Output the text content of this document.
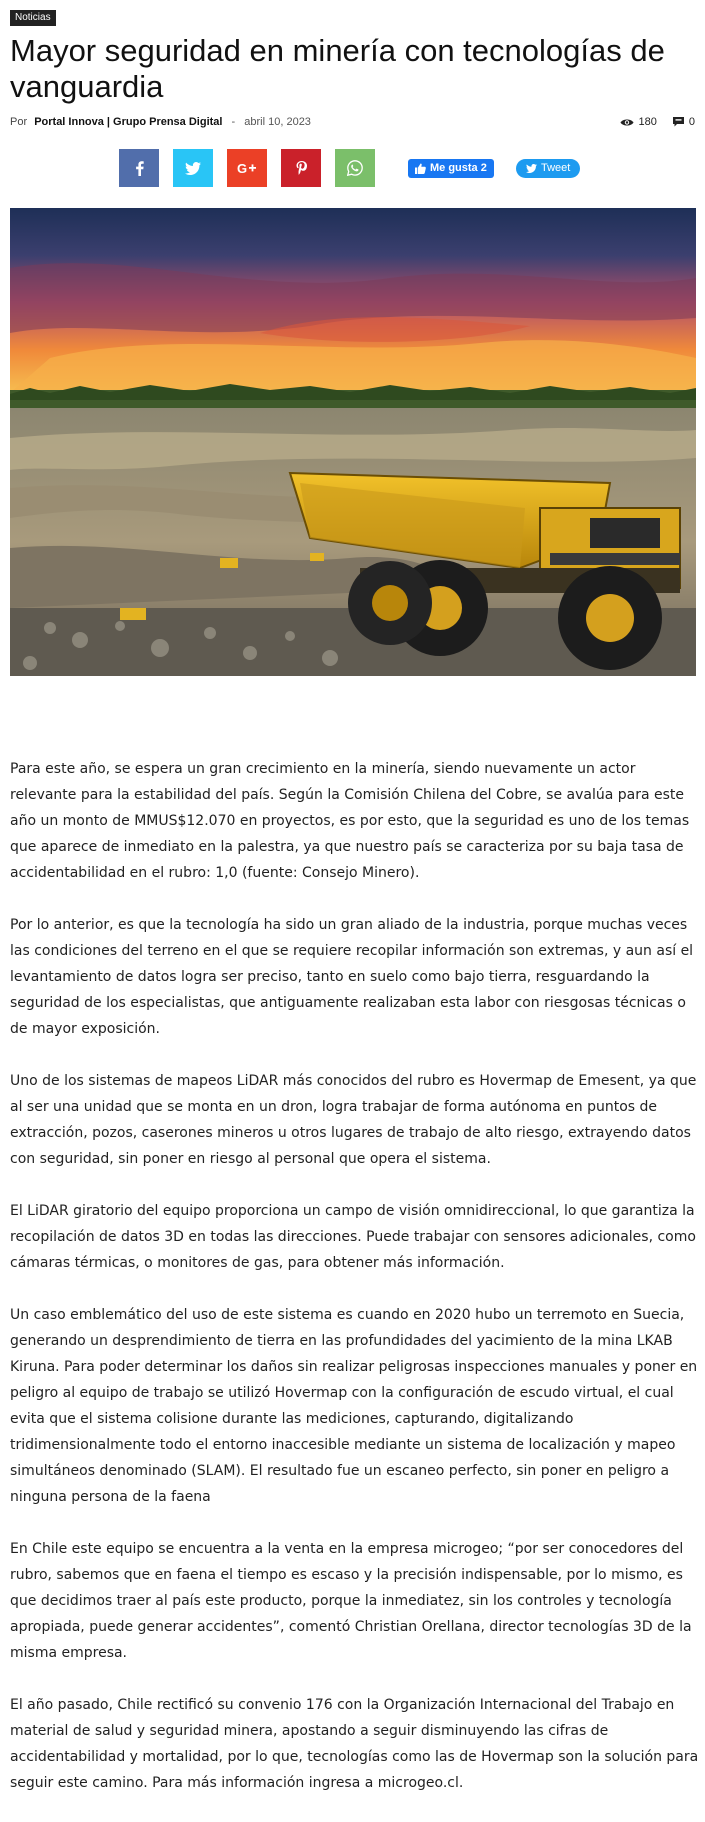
Noticias
Mayor seguridad en minería con tecnologías de vanguardia
Por Portal Innova | Grupo Prensa Digital - abril 10, 2023	180	0
G	Me gusta 2	Tweet

Para este año, se espera un gran crecimiento en la minería, siendo nuevamente un actor relevante para la estabilidad del país. Según la Comisión Chilena del Cobre, se avalúa para este año un monto de MMUS$12.070 en proyectos, es por esto, que la seguridad es uno de los temas que aparece de inmediato en la palestra, ya que nuestro país se caracteriza por su baja tasa de accidentabilidad en el rubro: 1,0 (fuente: Consejo Minero).

Por lo anterior, es que la tecnología ha sido un gran aliado de la industria, porque muchas veces las condiciones del terreno en el que se requiere recopilar información son extremas, y aun así el levantamiento de datos logra ser preciso, tanto en suelo como bajo tierra, resguardando la seguridad de los especialistas, que antiguamente realizaban esta labor con riesgosas técnicas o de mayor exposición.

Uno de los sistemas de mapeos LiDAR más conocidos del rubro es Hovermap de Emesent, ya que al ser una unidad que se monta en un dron, logra trabajar de forma autónoma en puntos de extracción, pozos, caserones mineros u otros lugares de trabajo de alto riesgo, extrayendo datos con seguridad, sin poner en riesgo al personal que opera el sistema.

El LiDAR giratorio del equipo proporciona un campo de visión omnidireccional, lo que garantiza la recopilación de datos 3D en todas las direcciones. Puede trabajar con sensores adicionales, como cámaras térmicas, o monitores de gas, para obtener más información.

Un caso emblemático del uso de este sistema es cuando en 2020 hubo un terremoto en Suecia, generando un desprendimiento de tierra en las profundidades del yacimiento de la mina LKAB Kiruna. Para poder determinar los daños sin realizar peligrosas inspecciones manuales y poner en peligro al equipo de trabajo se utilizó Hovermap con la configuración de escudo virtual, el cual evita que el sistema colisione durante las mediciones, capturando, digitalizando tridimensionalmente todo el entorno inaccesible mediante un sistema de localización y mapeo simultáneos denominado (SLAM). El resultado fue un escaneo perfecto, sin poner en peligro a ninguna persona de la faena

En Chile este equipo se encuentra a la venta en la empresa microgeo; “por ser conocedores del rubro, sabemos que en faena el tiempo es escaso y la precisión indispensable, por lo mismo, es que decidimos traer al país este producto, porque la inmediatez, sin los controles y tecnología apropiada, puede generar accidentes”, comentó Christian Orellana, director tecnologías 3D de la misma empresa.

El año pasado, Chile rectificó su convenio 176 con la Organización Internacional del Trabajo en material de salud y seguridad minera, apostando a seguir disminuyendo las cifras de accidentabilidad y mortalidad, por lo que, tecnologías como las de Hovermap son la solución para seguir este camino. Para más información ingresa a microgeo.cl.
